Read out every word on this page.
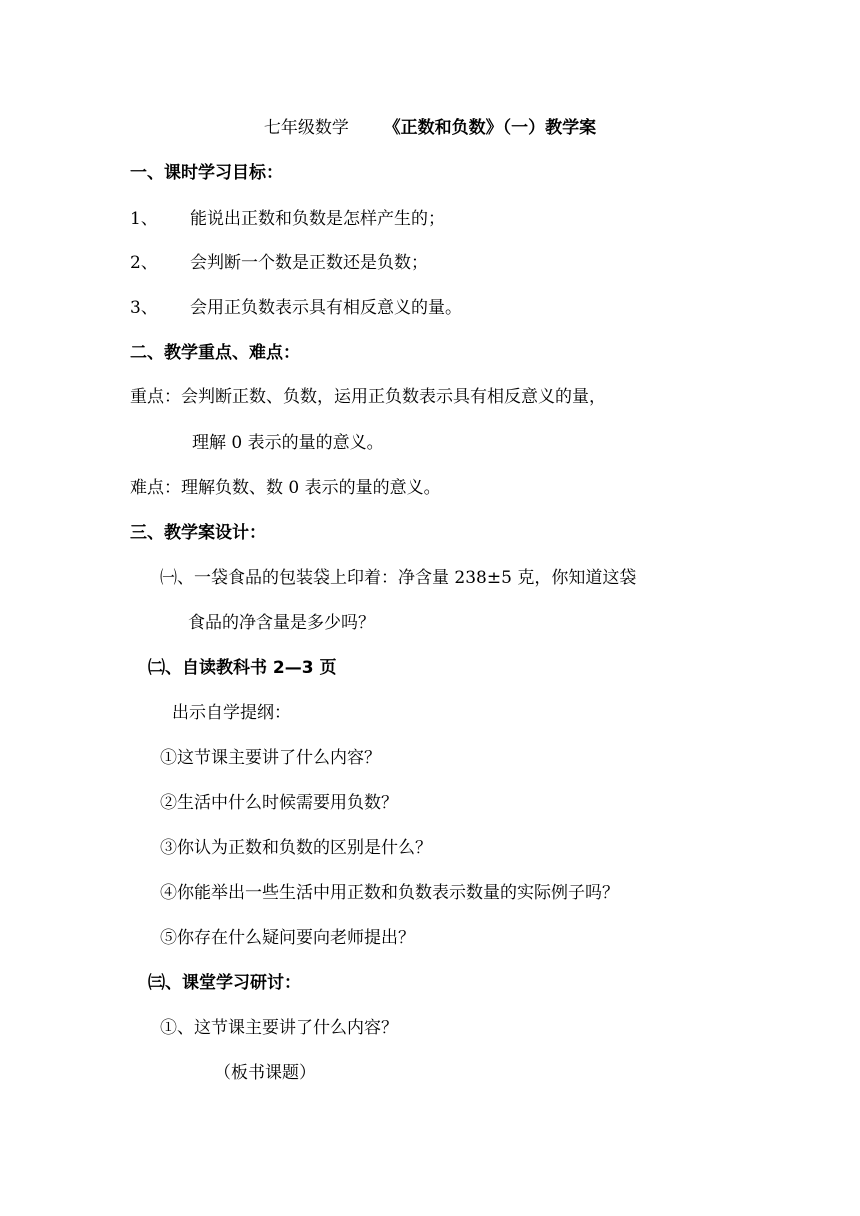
七年级数学 《正数和负数》（一）教学案
一、课时学习目标：
1、 能说出正数和负数是怎样产生的；
2、 会判断一个数是正数还是负数；
3、 会用正负数表示具有相反意义的量。
二、教学重点、难点：
重点：会判断正数、负数，运用正负数表示具有相反意义的量，
理解 0 表示的量的意义。
难点：理解负数、数 0 表示的量的意义。
三、教学案设计：
㈠、一袋食品的包装袋上印着：净含量 238±5 克，你知道这袋
食品的净含量是多少吗？
㈡、自读教科书 2—3 页
出示自学提纲：
①这节课主要讲了什么内容？
②生活中什么时候需要用负数？
③你认为正数和负数的区别是什么？
④你能举出一些生活中用正数和负数表示数量的实际例子吗？
⑤你存在什么疑问要向老师提出？
㈢、课堂学习研讨：
①、这节课主要讲了什么内容？
（板书课题）
